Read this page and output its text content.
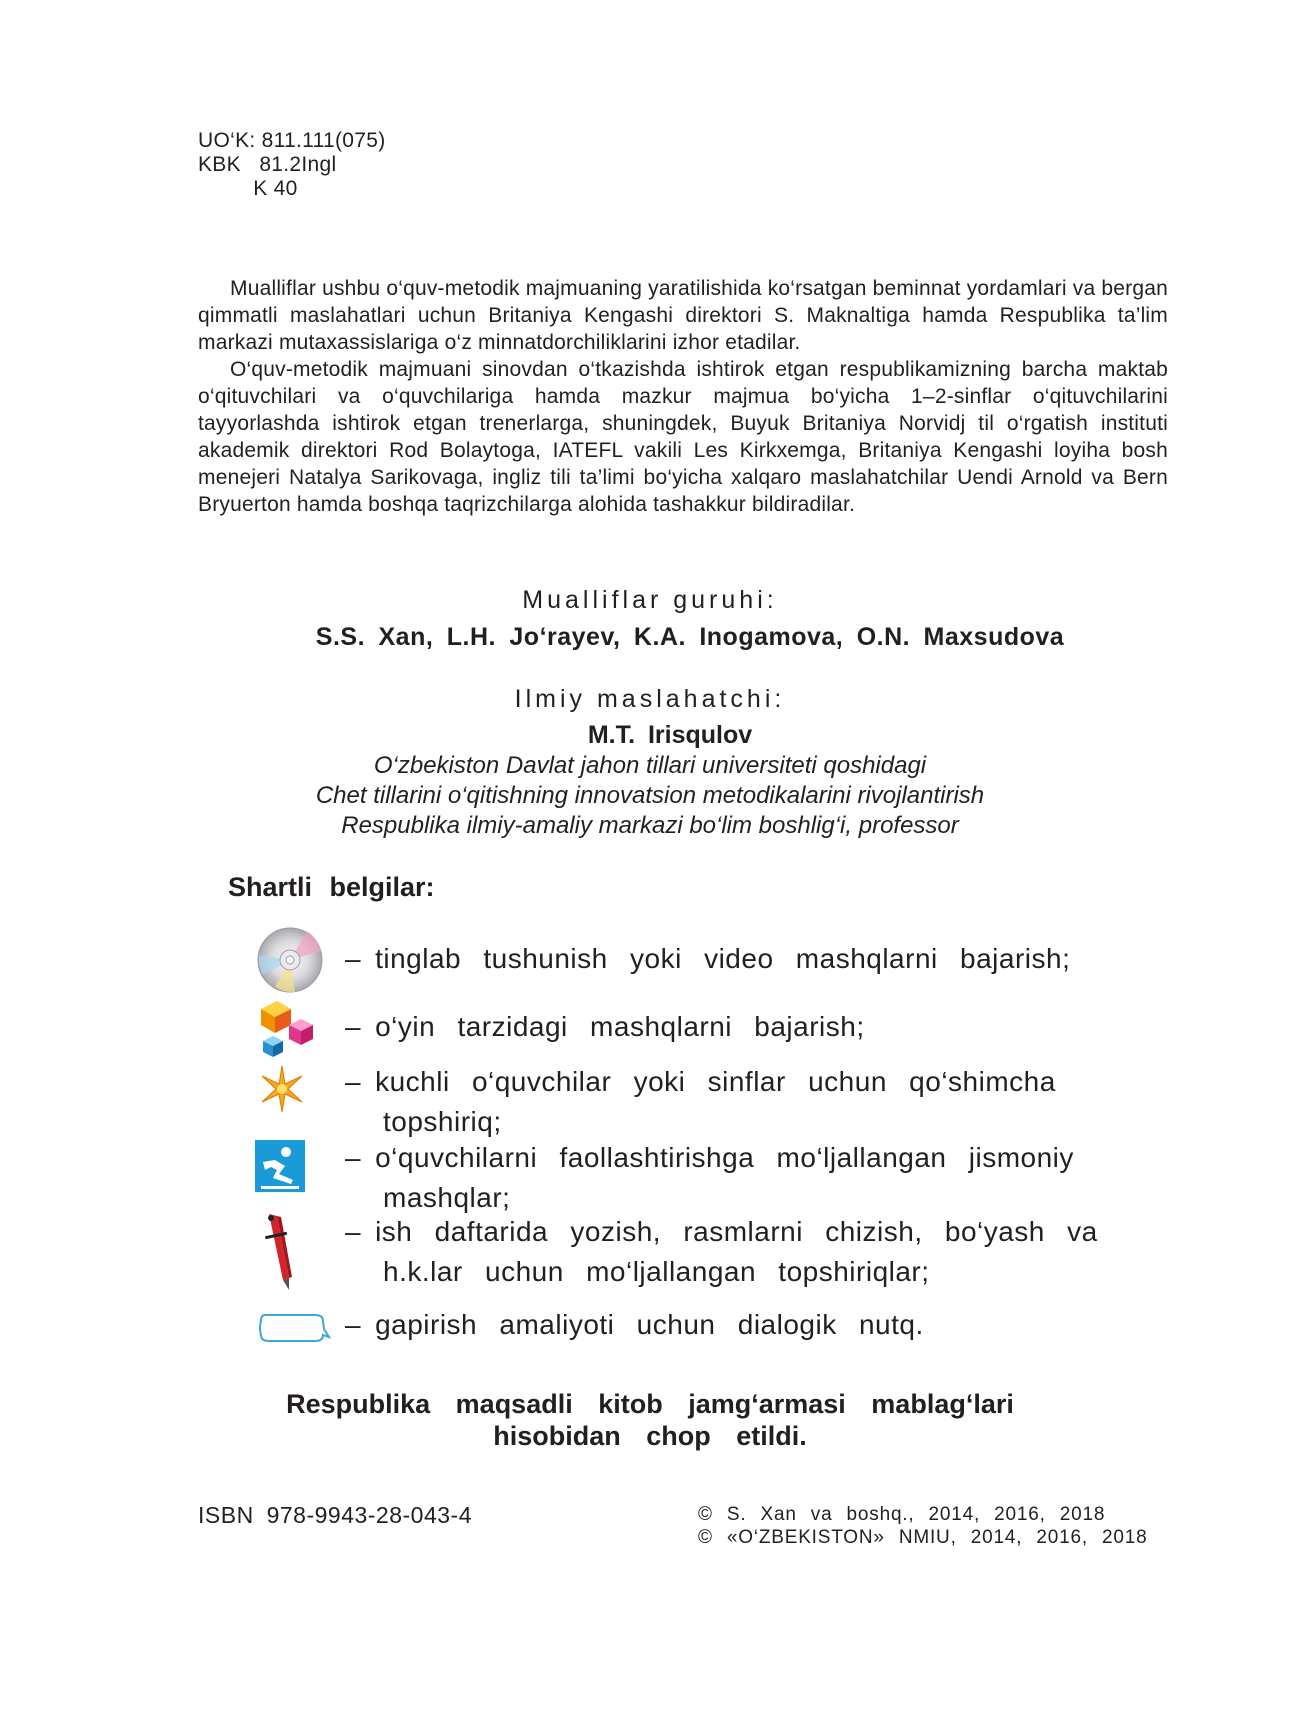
UO‘K: 811.111(075)
KBK   81.2Ingl
K 40

Mualliflar ushbu o‘quv-metodik majmuaning yaratilishida ko‘rsatgan beminnat yordamlari va bergan qimmatli maslahatlari uchun Britaniya Kengashi direktori S. Maknaltiga hamda Respublika ta’lim markazi mutaxassislariga o‘z minnatdorchiliklarini izhor etadilar.

O‘quv-metodik majmuani sinovdan o‘tkazishda ishtirok etgan respublikamizning barcha maktab o‘qituvchilari va o‘quvchilariga hamda mazkur majmua bo‘yicha 1–2-sinflar o‘qituvchilarini tayyorlashda ishtirok etgan trenerlarga, shuningdek, Buyuk Britaniya Norvidj til o‘rgatish instituti akademik direktori Rod Bolaytoga, IATEFL vakili Les Kirkxemga, Britaniya Kengashi loyiha bosh menejeri Natalya Sarikovaga, ingliz tili ta’limi bo‘yicha xalqaro maslahatchilar Uendi Arnold va Bern Bryuerton hamda boshqa taqrizchilarga alohida tashakkur bildiradilar.

Mualliflar guruhi:
S.S. Xan, L.H. Jo‘rayev, K.A. Inogamova, O.N. Maxsudova
Ilmiy maslahatchi:
M.T. Irisqulov
O‘zbekiston Davlat jahon tillari universiteti qoshidagi
Chet tillarini o‘qitishning innovatsion metodikalarini rivojlantirish
Respublika ilmiy-amaliy markazi bo‘lim boshlig‘i, professor
Shartli belgilar:
– tinglab tushunish yoki video mashqlarni bajarish;
– o‘yin tarzidagi mashqlarni bajarish;
– kuchli o‘quvchilar yoki sinflar uchun qo‘shimcha
topshiriq;
– o‘quvchilarni faollashtirishga mo‘ljallangan jismoniy
mashqlar;
– ish daftarida yozish, rasmlarni chizish, bo‘yash va
h.k.lar uchun mo‘ljallangan topshiriqlar;
– gapirish amaliyoti uchun dialogik nutq.
Respublika maqsadli kitob jamg‘armasi mablag‘lari
hisobidan chop etildi.
ISBN 978-9943-28-043-4	© S. Xan va boshq., 2014, 2016, 2018
© «O‘ZBEKISTON» NMIU, 2014, 2016, 2018
